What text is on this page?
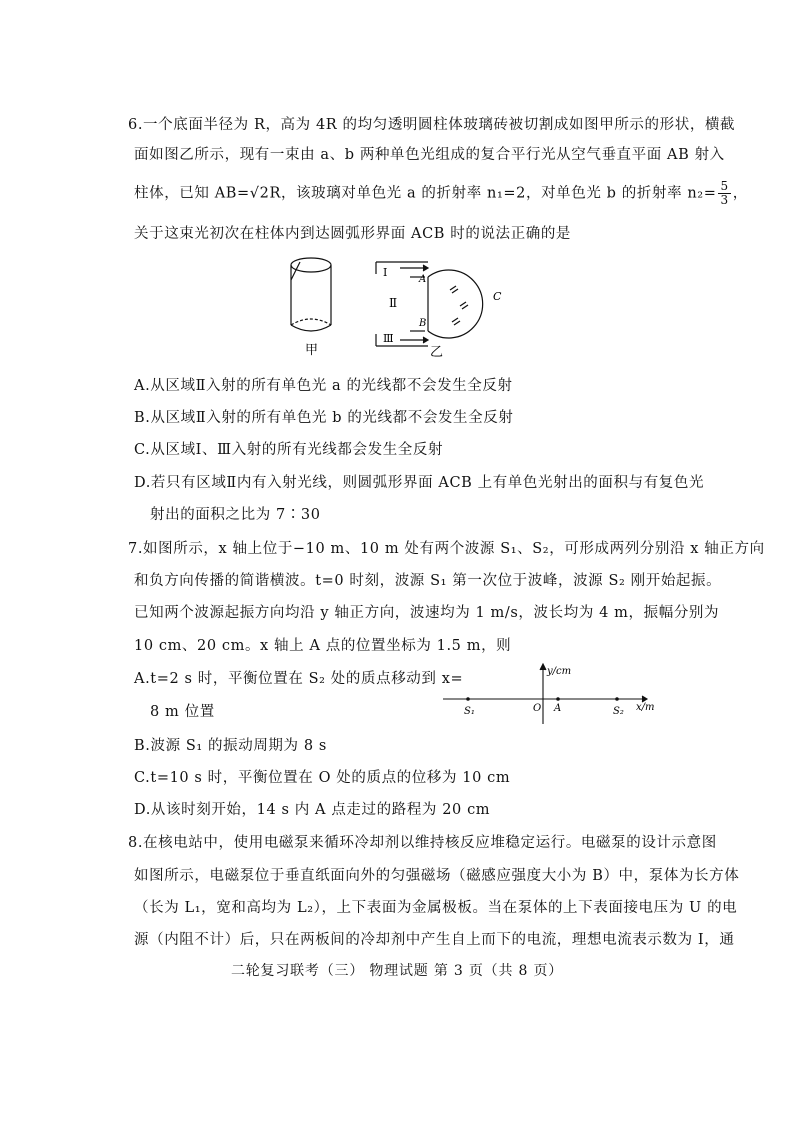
6.一个底面半径为 R，高为 4R 的均匀透明圆柱体玻璃砖被切割成如图甲所示的形状，横截
面如图乙所示，现有一束由 a、b 两种单色光组成的复合平行光从空气垂直平面 AB 射入
柱体，已知 AB=√2R，该玻璃对单色光 a 的折射率 n₁=2，对单色光 b 的折射率 $n_2= \frac{5}{3}$ ，
关于这束光初次在柱体内到达圆弧形界面 ACB 时的说法正确的是
甲
Ⅰ
Ⅱ
Ⅲ
A
B
C
乙
A.从区域Ⅱ入射的所有单色光 a 的光线都不会发生全反射
B.从区域Ⅱ入射的所有单色光 b 的光线都不会发生全反射
C.从区域Ⅰ、Ⅲ入射的所有光线都会发生全反射
D.若只有区域Ⅱ内有入射光线，则圆弧形界面 ACB 上有单色光射出的面积与有复色光
射出的面积之比为 7∶30
7.如图所示，x 轴上位于−10 m、10 m 处有两个波源 S₁、S₂，可形成两列分别沿 x 轴正方向
和负方向传播的简谐横波。t=0 时刻，波源 S₁ 第一次位于波峰，波源 S₂ 刚开始起振。
已知两个波源起振方向均沿 y 轴正方向，波速均为 1 m/s，波长均为 4 m，振幅分别为
10 cm、20 cm。x 轴上 A 点的位置坐标为 1.5 m，则
A.t=2 s 时，平衡位置在 S₂ 处的质点移动到 x=
8 m 位置
y/cm
x/m
O
S₁	A	S₂
B.波源 S₁ 的振动周期为 8 s
C.t=10 s 时，平衡位置在 O 处的质点的位移为 10 cm
D.从该时刻开始，14 s 内 A 点走过的路程为 20 cm
8.在核电站中，使用电磁泵来循环冷却剂以维持核反应堆稳定运行。电磁泵的设计示意图
如图所示，电磁泵位于垂直纸面向外的匀强磁场（磁感应强度大小为 B）中，泵体为长方体
（长为 L₁，宽和高均为 L₂），上下表面为金属极板。当在泵体的上下表面接电压为 U 的电
源（内阻不计）后，只在两板间的冷却剂中产生自上而下的电流，理想电流表示数为 I，通
二轮复习联考（三） 物理试题 第 3 页（共 8 页）
